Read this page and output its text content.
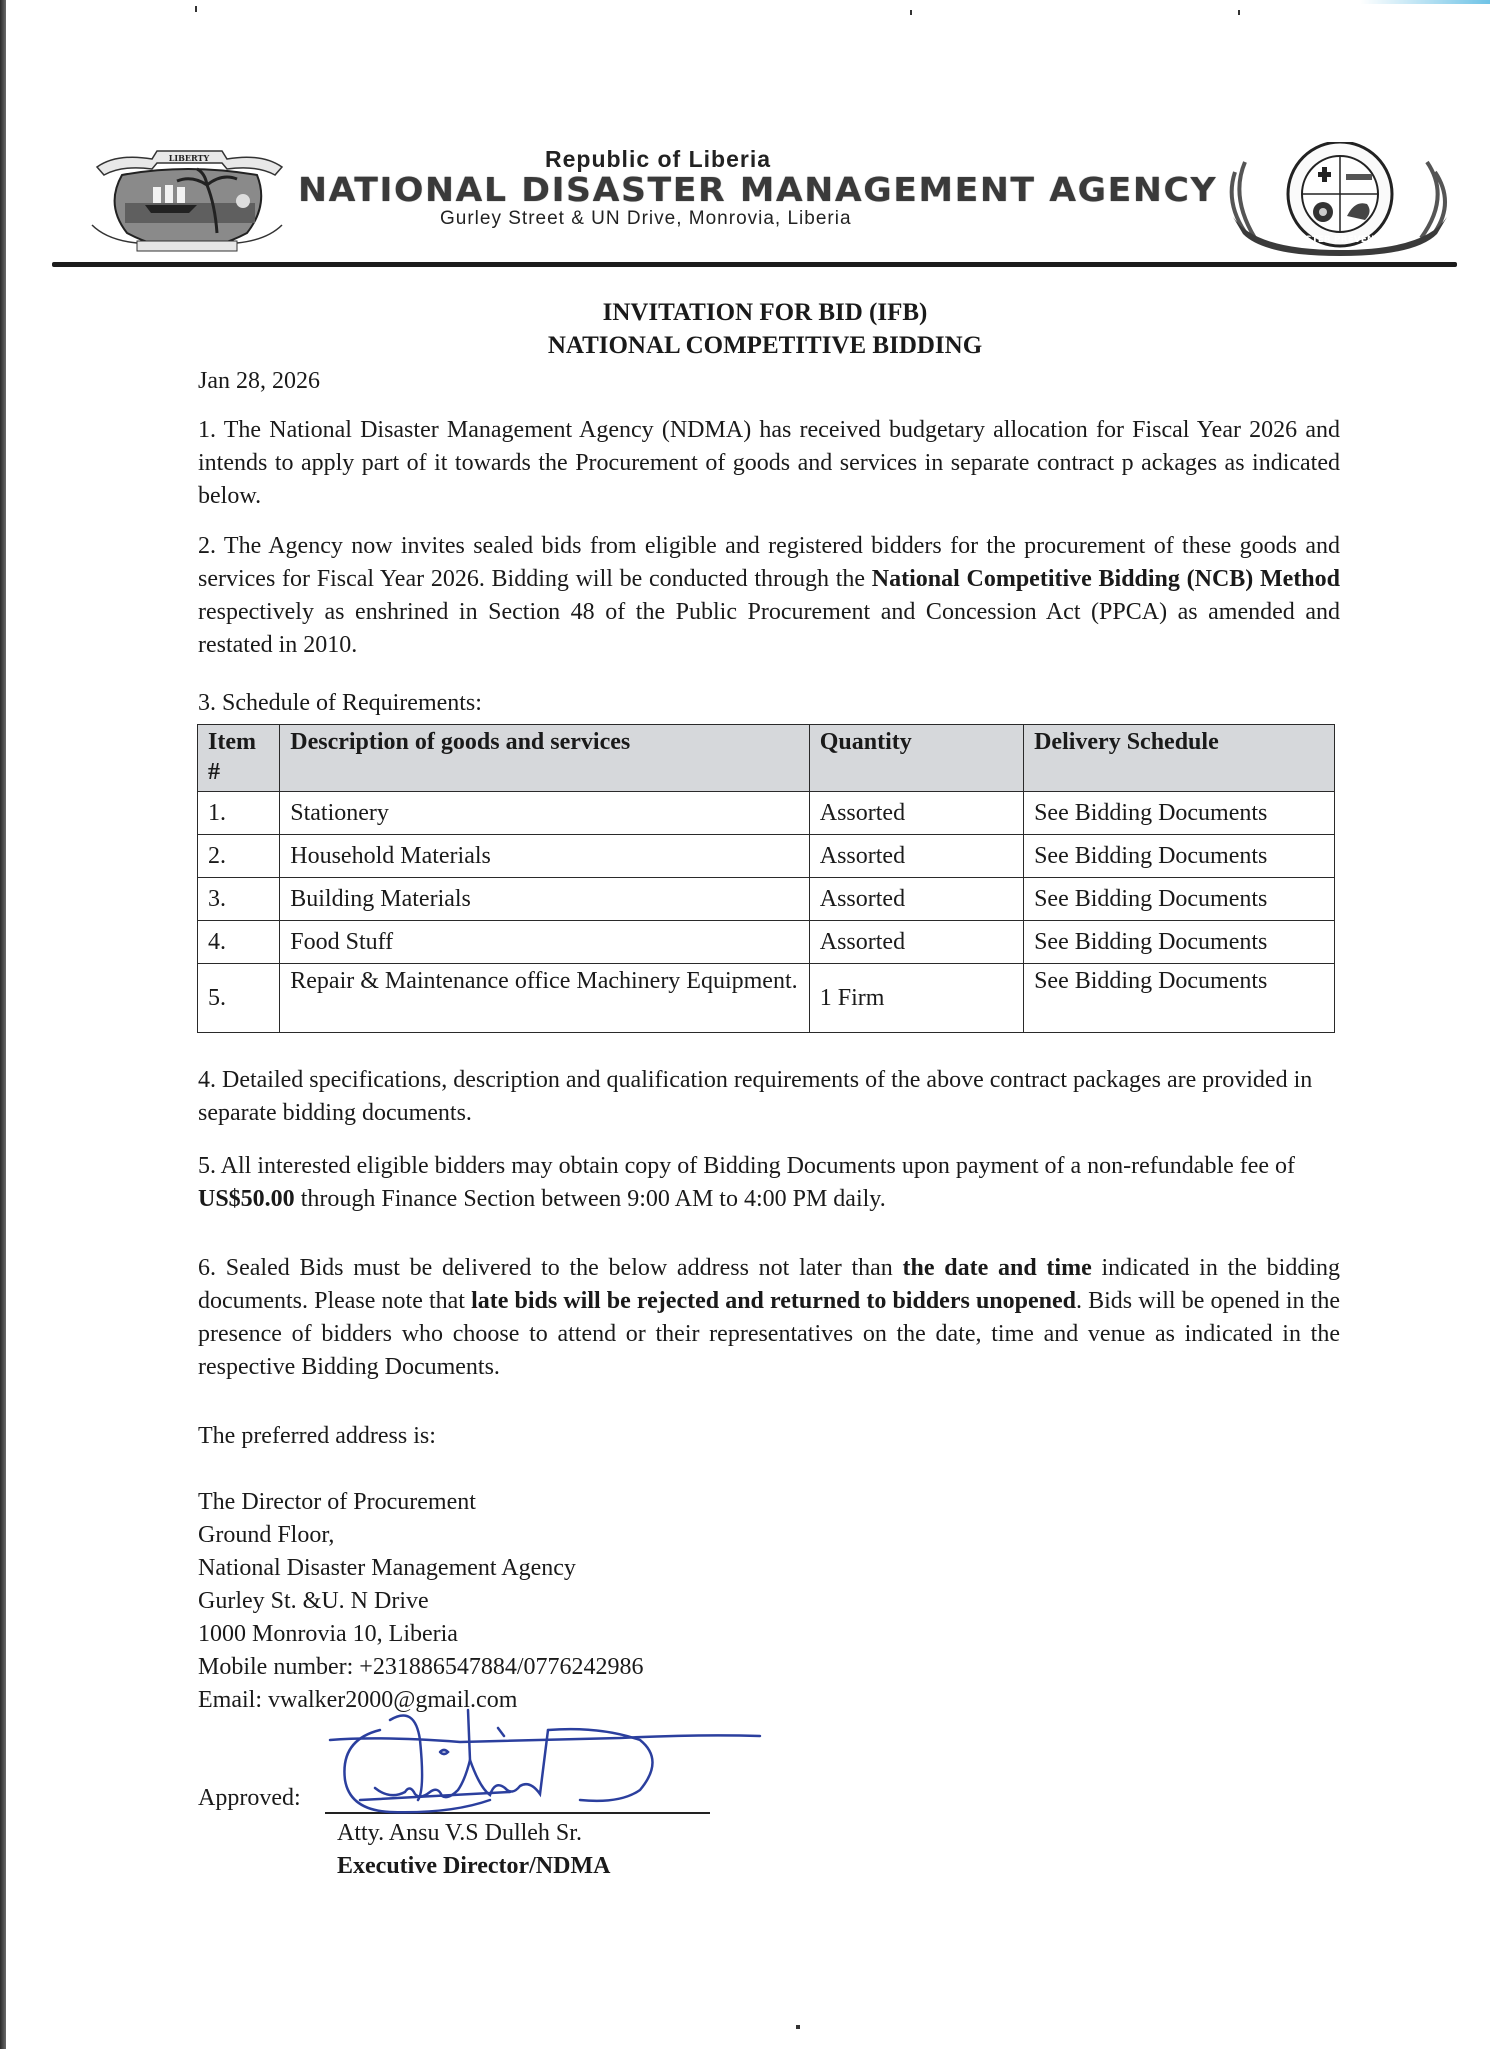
LIBERTY	Republic of Liberia
NATIONAL DISASTER MANAGEMENT AGENCY
Gurley Street & UN Drive, Monrovia, Liberia
DISASTER PREVENTION
INVITATION FOR BID (IFB)
NATIONAL COMPETITIVE BIDDING
Jan 28, 2026
1. The National Disaster Management Agency (NDMA) has received budgetary allocation for Fiscal Year 2026 and intends to apply part of it towards the Procurement of goods and services in separate contract p ackages as indicated below.
2. The Agency now invites sealed bids from eligible and registered bidders for the procurement of these goods and services for Fiscal Year 2026. Bidding will be conducted through the National Competitive Bidding (NCB) Method respectively as enshrined in Section 48 of the Public Procurement and Concession Act (PPCA) as amended and restated in 2010.
3. Schedule of Requirements:
Item #	Description of goods and services	Quantity	Delivery Schedule
1.	Stationery	Assorted	See Bidding Documents
2.	Household Materials	Assorted	See Bidding Documents
3.	Building Materials	Assorted	See Bidding Documents
4.	Food Stuff	Assorted	See Bidding Documents
5.	Repair & Maintenance office Machinery Equipment.	1 Firm	See Bidding Documents
4. Detailed specifications, description and qualification requirements of the above contract packages are provided in separate bidding documents.
5. All interested eligible bidders may obtain copy of Bidding Documents upon payment of a non-refundable fee of US$50.00 through Finance Section between 9:00 AM to 4:00 PM daily.
6. Sealed Bids must be delivered to the below address not later than the date and time indicated in the bidding documents. Please note that late bids will be rejected and returned to bidders unopened. Bids will be opened in the presence of bidders who choose to attend or their representatives on the date, time and venue as indicated in the respective Bidding Documents.
The preferred address is:
The Director of Procurement
Ground Floor,
National Disaster Management Agency
Gurley St. &U. N Drive
1000 Monrovia 10, Liberia
Mobile number: +231886547884/0776242986
Email: vwalker2000@gmail.com
Approved:
Atty. Ansu V.S Dulleh Sr.
Executive Director/NDMA
